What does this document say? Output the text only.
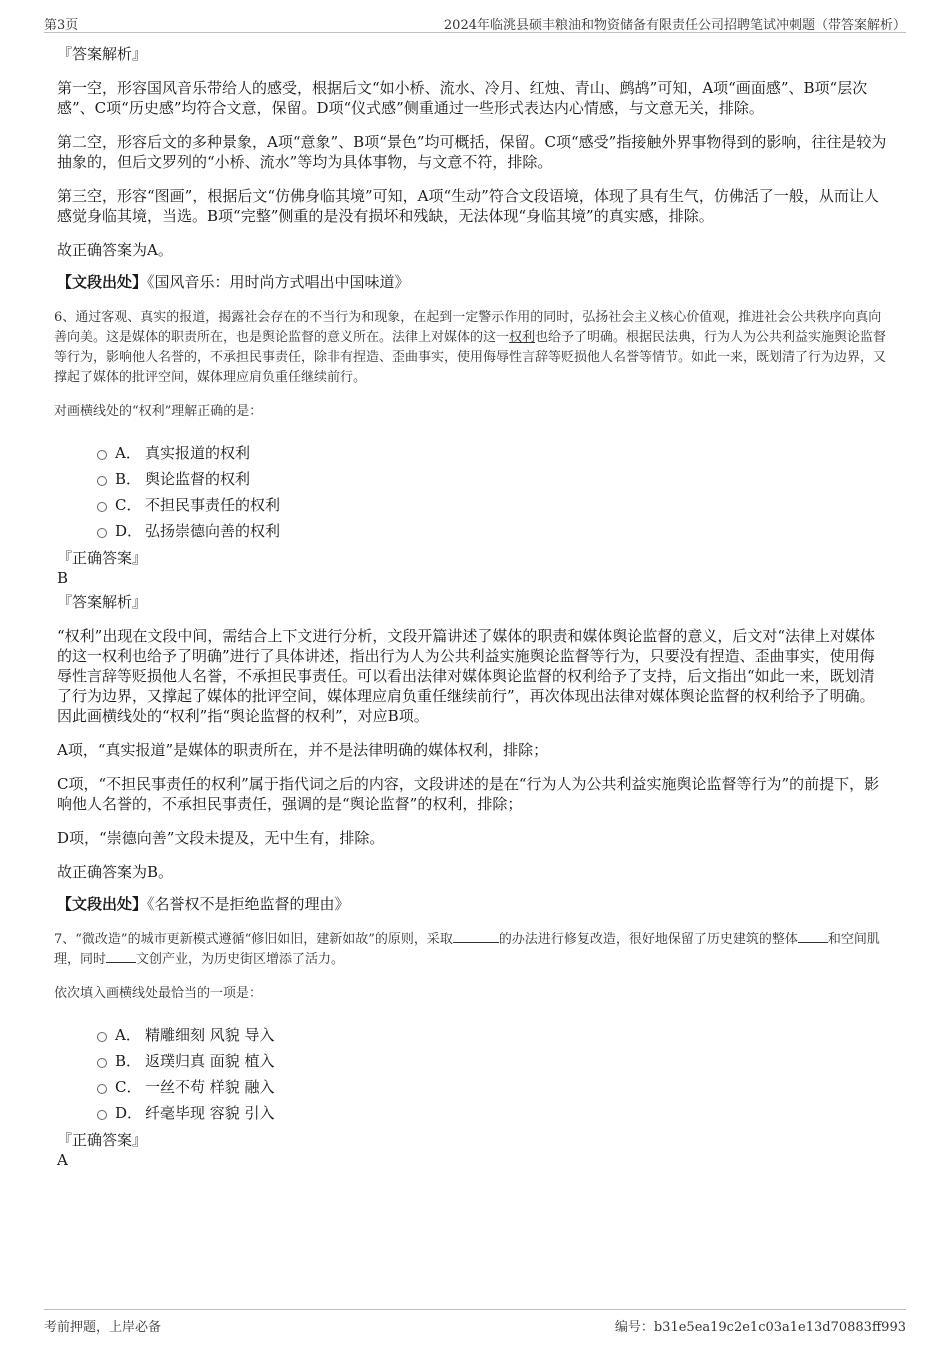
第3页	2024年临洮县硕丰粮油和物资储备有限责任公司招聘笔试冲刺题（带答案解析）

『答案解析』

第一空，形容国风音乐带给人的感受，根据后文“如小桥、流水、冷月、红烛、青山、鹧鸪”可知，A项“画面感”、B项“层次感”、C项“历史感”均符合文意，保留。D项“仪式感”侧重通过一些形式表达内心情感，与文意无关，排除。

第二空，形容后文的多种景象，A项“意象”、B项“景色”均可概括，保留。C项“感受”指接触外界事物得到的影响，往往是较为抽象的，但后文罗列的“小桥、流水”等均为具体事物，与文意不符，排除。

第三空，形容“图画”，根据后文“仿佛身临其境”可知，A项“生动”符合文段语境，体现了具有生气，仿佛活了一般，从而让人感觉身临其境，当选。B项“完整”侧重的是没有损坏和残缺，无法体现“身临其境”的真实感，排除。

故正确答案为A。

【文段出处】《国风音乐：用时尚方式唱出中国味道》

6、通过客观、真实的报道，揭露社会存在的不当行为和现象，在起到一定警示作用的同时，弘扬社会主义核心价值观，推进社会公共秩序向真向善向美。这是媒体的职责所在，也是舆论监督的意义所在。法律上对媒体的这一权利也给予了明确。根据民法典，行为人为公共利益实施舆论监督等行为，影响他人名誉的，不承担民事责任，除非有捏造、歪曲事实，使用侮辱性言辞等贬损他人名誉等情节。如此一来，既划清了行为边界，又撑起了媒体的批评空间，媒体理应肩负重任继续前行。

对画横线处的“权利”理解正确的是：

A． 真实报道的权利
B． 舆论监督的权利
C． 不担民事责任的权利
D． 弘扬崇德向善的权利

『正确答案』

B

『答案解析』

“权利”出现在文段中间，需结合上下文进行分析，文段开篇讲述了媒体的职责和媒体舆论监督的意义，后文对“法律上对媒体的这一权利也给予了明确”进行了具体讲述，指出行为人为公共利益实施舆论监督等行为，只要没有捏造、歪曲事实，使用侮辱性言辞等贬损他人名誉，不承担民事责任。可以看出法律对媒体舆论监督的权利给予了支持，后文指出“如此一来，既划清了行为边界，又撑起了媒体的批评空间，媒体理应肩负重任继续前行”，再次体现出法律对媒体舆论监督的权利给予了明确。因此画横线处的“权利”指“舆论监督的权利”，对应B项。

A项，“真实报道”是媒体的职责所在，并不是法律明确的媒体权利，排除；

C项，“不担民事责任的权利”属于指代词之后的内容，文段讲述的是在“行为人为公共利益实施舆论监督等行为”的前提下，影响他人名誉的，不承担民事责任，强调的是“舆论监督”的权利，排除；

D项，“崇德向善”文段未提及，无中生有，排除。

故正确答案为B。

【文段出处】《名誉权不是拒绝监督的理由》

7、“微改造”的城市更新模式遵循“修旧如旧，建新如故”的原则，采取	的办法进行修复改造，很好地保留了历史建筑的整体 和空间肌理，同时 文创产业，为历史街区增添了活力。

依次填入画横线处最恰当的一项是：

A． 精雕细刻 风貌 导入
B． 返璞归真 面貌 植入
C． 一丝不苟 样貌 融入
D． 纤毫毕现 容貌 引入

『正确答案』

A

考前押题，上岸必备	编号：b31e5ea19c2e1c03a1e13d70883ff993
